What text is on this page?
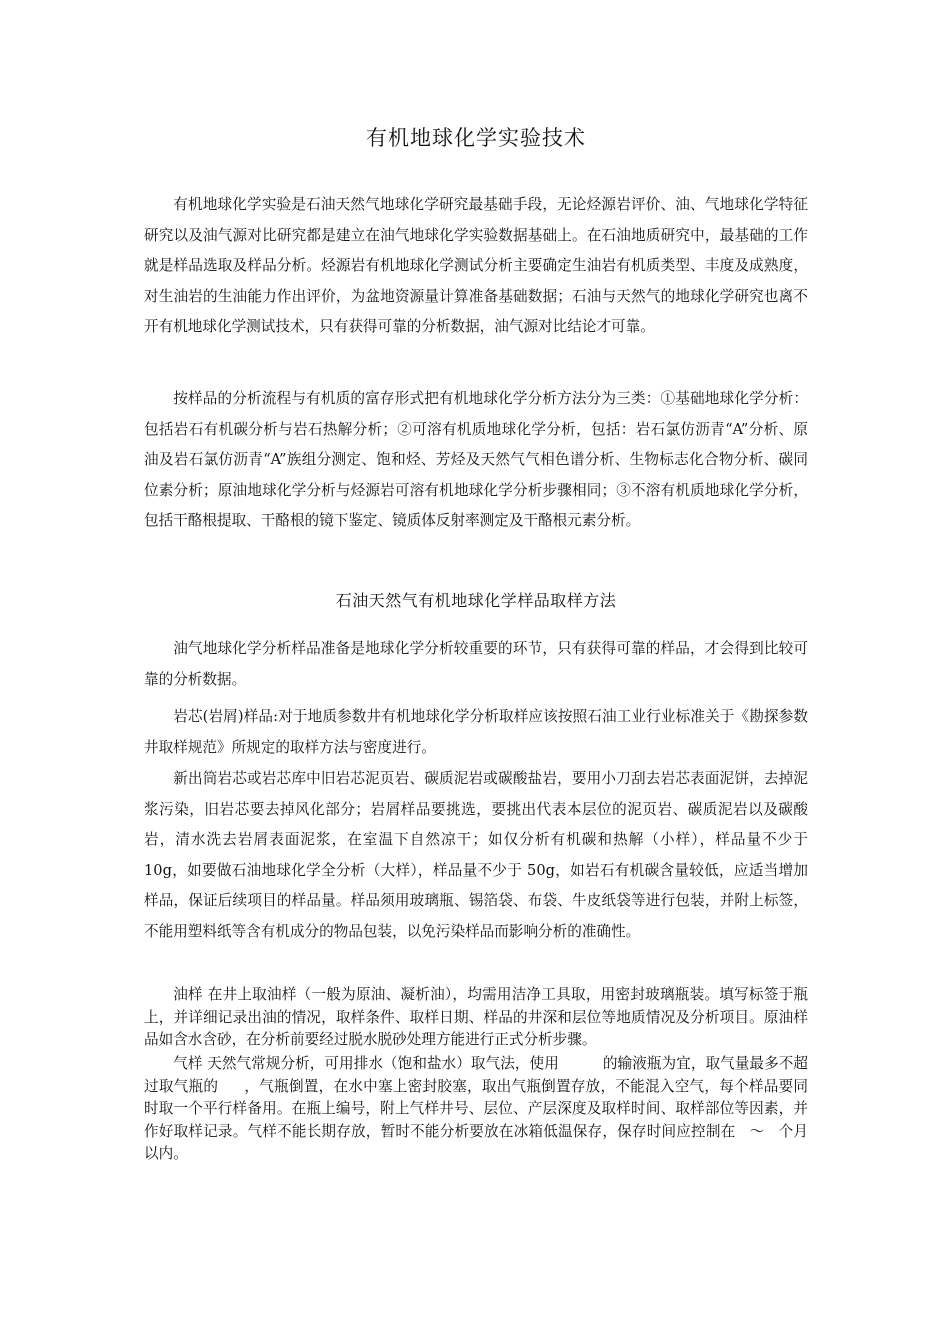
有机地球化学实验技术

有机地球化学实验是石油天然气地球化学研究最基础手段，无论烃源岩评价、油、气地球化学特征研究以及油气源对比研究都是建立在油气地球化学实验数据基础上。在石油地质研究中，最基础的工作就是样品选取及样品分析。烃源岩有机地球化学测试分析主要确定生油岩有机质类型、丰度及成熟度，对生油岩的生油能力作出评价，为盆地资源量计算准备基础数据；石油与天然气的地球化学研究也离不开有机地球化学测试技术，只有获得可靠的分析数据，油气源对比结论才可靠。

按样品的分析流程与有机质的富存形式把有机地球化学分析方法分为三类：①基础地球化学分析：包括岩石有机碳分析与岩石热解分析；②可溶有机质地球化学分析，包括：岩石氯仿沥青“A”分析、原油及岩石氯仿沥青“A”族组分测定、饱和烃、芳烃及天然气气相色谱分析、生物标志化合物分析、碳同位素分析；原油地球化学分析与烃源岩可溶有机地球化学分析步骤相同；③不溶有机质地球化学分析，包括干酪根提取、干酪根的镜下鉴定、镜质体反射率测定及干酪根元素分析。

石油天然气有机地球化学样品取样方法

油气地球化学分析样品准备是地球化学分析较重要的环节，只有获得可靠的样品，才会得到比较可靠的分析数据。

岩芯(岩屑)样品:对于地质参数井有机地球化学分析取样应该按照石油工业行业标准关于《勘探参数井取样规范》所规定的取样方法与密度进行。

新出筒岩芯或岩芯库中旧岩芯泥页岩、碳质泥岩或碳酸盐岩，要用小刀刮去岩芯表面泥饼，去掉泥浆污染，旧岩芯要去掉风化部分；岩屑样品要挑选，要挑出代表本层位的泥页岩、碳质泥岩以及碳酸岩，清水洗去岩屑表面泥浆，在室温下自然凉干；如仅分析有机碳和热解（小样），样品量不少于 10g，如要做石油地球化学全分析（大样），样品量不少于 50g，如岩石有机碳含量较低，应适当增加样品，保证后续项目的样品量。样品须用玻璃瓶、锡箔袋、布袋、牛皮纸袋等进行包装，并附上标签，不能用塑料纸等含有机成分的物品包装，以免污染样品而影响分析的准确性。

油样 在井上取油样（一般为原油、凝析油），均需用洁净工具取，用密封玻璃瓶装。填写标签于瓶上，并详细记录出油的情况，取样条件、取样日期、样品的井深和层位等地质情况及分析项目。原油样品如含水含砂，在分析前要经过脱水脱砂处理方能进行正式分析步骤。

气样 天然气常规分析，可用排水（饱和盐水）取气法，使用	的输液瓶为宜，取气量最多不超过取气瓶的 ，气瓶倒置，在水中塞上密封胶塞，取出气瓶倒置存放，不能混入空气，每个样品要同时取一个平行样备用。在瓶上编号，附上气样井号、层位、产层深度及取样时间、取样部位等因素，并作好取样记录。气样不能长期存放，暂时不能分析要放在冰箱低温保存，保存时间应控制在 ～ 个月以内。
